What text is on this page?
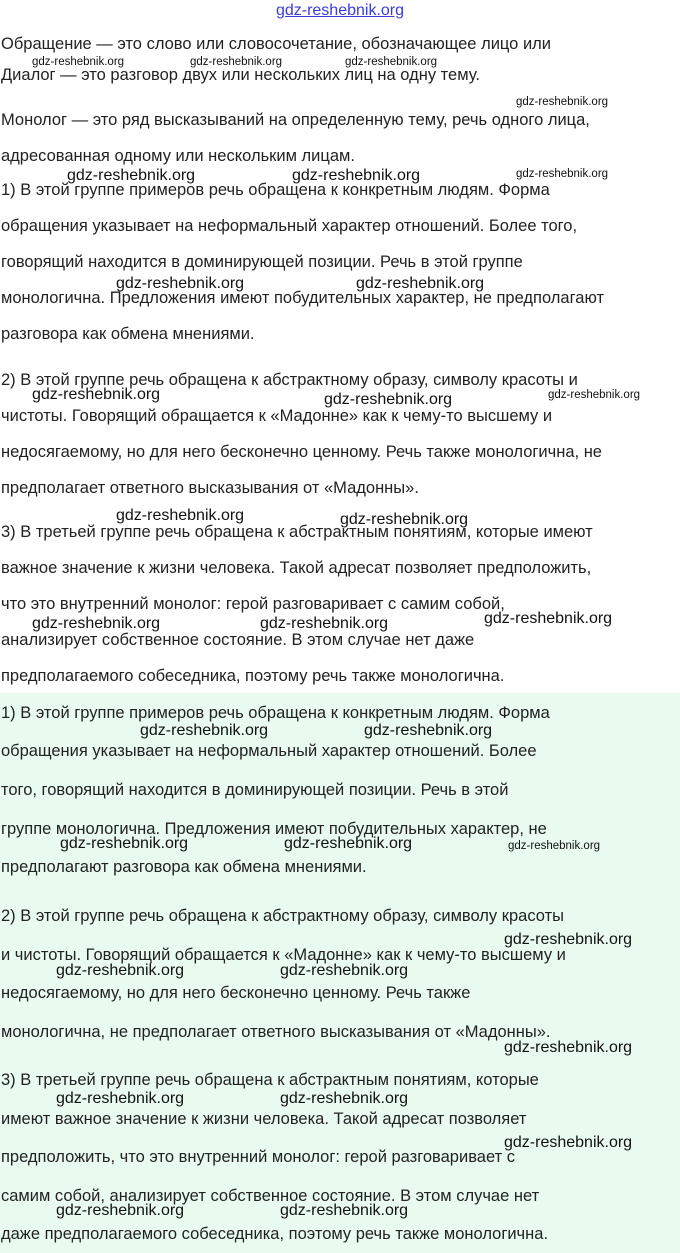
gdz-reshebnik.org
Обращение — это слово или словосочетание, обозначающее лицо или
Диалог — это разговор двух или нескольких лиц на одну тему.
Монолог — это ряд высказываний на определенную тему, речь одного лица,
адресованная одному или нескольким лицам.
1) В этой группе примеров речь обращена к конкретным людям. Форма
обращения указывает на неформальный характер отношений. Более того,
говорящий находится в доминирующей позиции. Речь в этой группе
монологична. Предложения имеют побудительных характер, не предполагают
разговора как обмена мнениями.
2) В этой группе речь обращена к абстрактному образу, символу красоты и
чистоты. Говорящий обращается к «Мадонне» как к чему-то высшему и
недосягаемому, но для него бесконечно ценному. Речь также монологична, не
предполагает ответного высказывания от «Мадонны».
3) В третьей группе речь обращена к абстрактным понятиям, которые имеют
важное значение к жизни человека. Такой адресат позволяет предположить,
что это внутренний монолог: герой разговаривает с самим собой,
анализирует собственное состояние. В этом случае нет даже
предполагаемого собеседника, поэтому речь также монологична.
1) В этой группе примеров речь обращена к конкретным людям. Форма
обращения указывает на неформальный характер отношений. Более
того, говорящий находится в доминирующей позиции. Речь в этой
группе монологична. Предложения имеют побудительных характер, не
предполагают разговора как обмена мнениями.
2) В этой группе речь обращена к абстрактному образу, символу красоты
и чистоты. Говорящий обращается к «Мадонне» как к чему-то высшему и
недосягаемому, но для него бесконечно ценному. Речь также
монологична, не предполагает ответного высказывания от «Мадонны».
3) В третьей группе речь обращена к абстрактным понятиям, которые
имеют важное значение к жизни человека. Такой адресат позволяет
предположить, что это внутренний монолог: герой разговаривает с
самим собой, анализирует собственное состояние. В этом случае нет
даже предполагаемого собеседника, поэтому речь также монологична.
gdz-reshebnik.org	gdz-reshebnik.org	gdz-reshebnik.org
gdz-reshebnik.org
gdz-reshebnik.org
gdz-reshebnik.org	gdz-reshebnik.org
gdz-reshebnik.org	gdz-reshebnik.org
gdz-reshebnik.org	gdz-reshebnik.org	gdz-reshebnik.org
gdz-reshebnik.org	gdz-reshebnik.org
gdz-reshebnik.org	gdz-reshebnik.org	gdz-reshebnik.org
gdz-reshebnik.org	gdz-reshebnik.org
gdz-reshebnik.org	gdz-reshebnik.org	gdz-reshebnik.org
gdz-reshebnik.org
gdz-reshebnik.org	gdz-reshebnik.org
gdz-reshebnik.org
gdz-reshebnik.org	gdz-reshebnik.org
gdz-reshebnik.org
gdz-reshebnik.org	gdz-reshebnik.org
